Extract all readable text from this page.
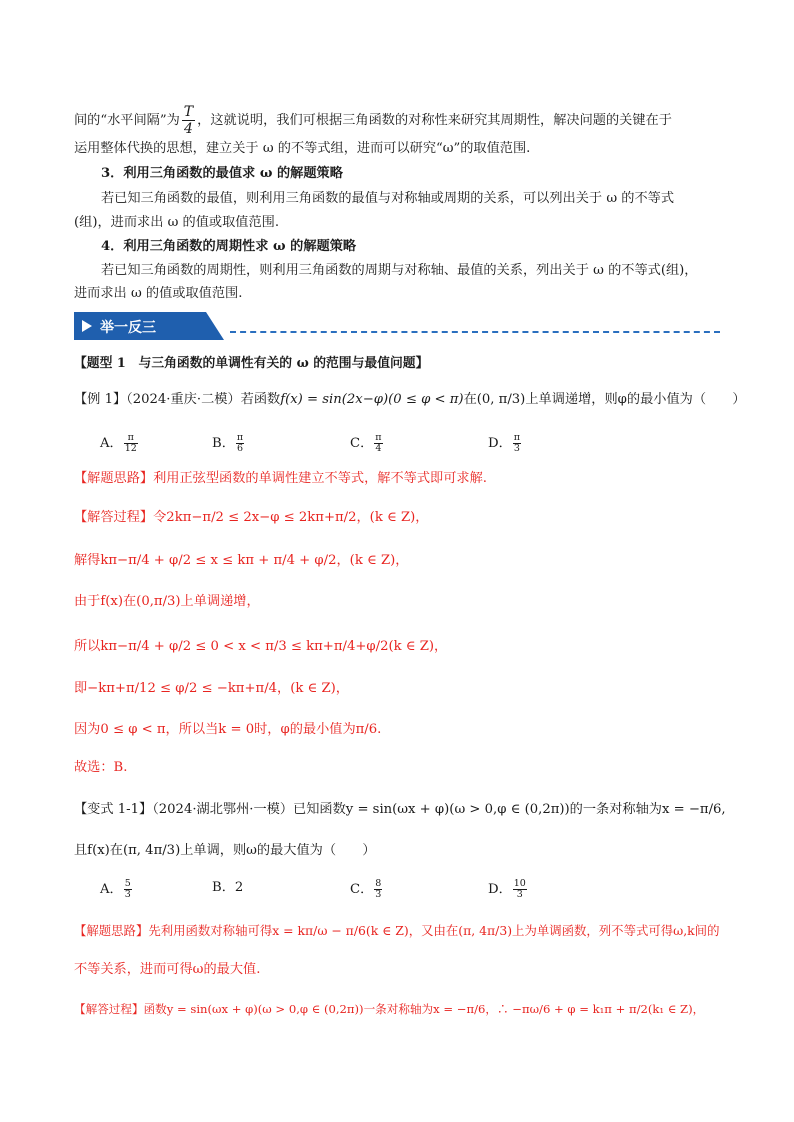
间的“水平间隔”为 $\frac{T}{4}$ ，这就说明，我们可根据三角函数的对称性来研究其周期性，解决问题的关键在于
运用整体代换的思想，建立关于 ω 的不等式组，进而可以研究“ω”的取值范围.
3．利用三角函数的最值求 ω 的解题策略
若已知三角函数的最值，则利用三角函数的最值与对称轴或周期的关系，可以列出关于 ω 的不等式
(组)，进而求出 ω 的值或取值范围.
4．利用三角函数的周期性求 ω 的解题策略
若已知三角函数的周期性，则利用三角函数的周期与对称轴、最值的关系，列出关于 ω 的不等式(组)，
进而求出 ω 的值或取值范围.
举一反三
【题型 1　与三角函数的单调性有关的 ω 的范围与最值问题】
【例 1】（2024·重庆·二模）若函数f(x) = sin(2x−φ)(0 ≤ φ < π)在(0, π/3)上单调递增，则φ的最小值为（　　）
A． $\frac{\pi}{12}$	B． $\frac{\pi}{6}$	C． $\frac{\pi}{4}$	D． $\frac{\pi}{3}$
【解题思路】利用正弦型函数的单调性建立不等式，解不等式即可求解.
【解答过程】令2kπ−π/2 ≤ 2x−φ ≤ 2kπ+π/2，(k ∈ Z)，
解得kπ−π/4 + φ/2 ≤ x ≤ kπ + π/4 + φ/2，(k ∈ Z)，
由于f(x)在(0,π/3)上单调递增，
所以kπ−π/4 + φ/2 ≤ 0 < x < π/3 ≤ kπ+π/4+φ/2(k ∈ Z)，
即−kπ+π/12 ≤ φ/2 ≤ −kπ+π/4，(k ∈ Z)，
因为0 ≤ φ < π，所以当k = 0时，φ的最小值为π/6.
故选：B.
【变式 1-1】（2024·湖北鄂州·一模）已知函数y = sin(ωx + φ)(ω > 0,φ ∈ (0,2π))的一条对称轴为x = −π/6,
且f(x)在(π, 4π/3)上单调，则ω的最大值为（　　）
A． $\frac{5}{3}$	B．2	C． $\frac{8}{3}$	D． $\frac{10}{3}$
【解题思路】先利用函数对称轴可得x = kπ/ω − π/6(k ∈ Z)，又由在(π, 4π/3)上为单调函数，列不等式可得ω,k间的
不等关系，进而可得ω的最大值.
【解答过程】函数y = sin(ωx + φ)(ω > 0,φ ∈ (0,2π))一条对称轴为x = −π/6，∴ −πω/6 + φ = k₁π + π/2(k₁ ∈ Z)，
